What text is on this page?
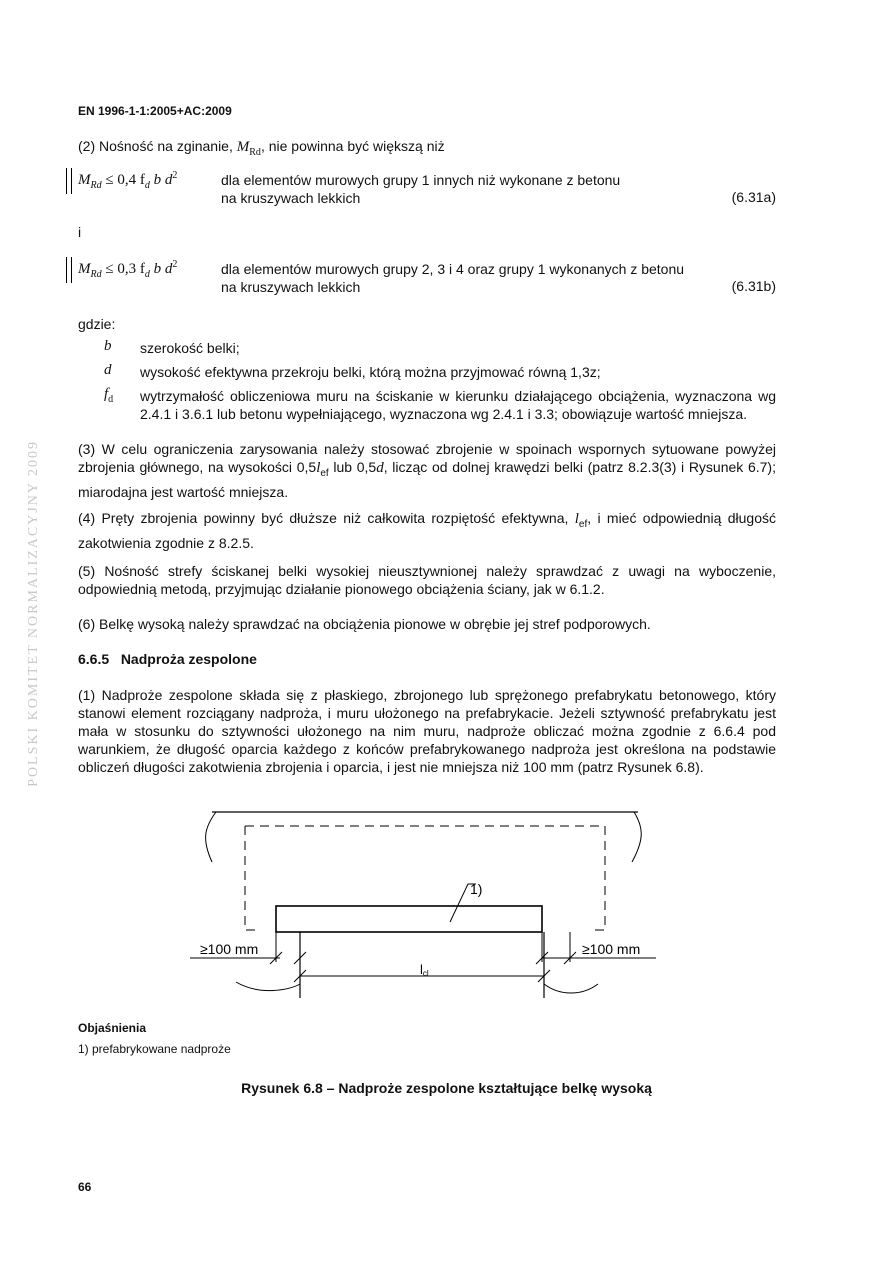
POLSKI KOMITET NORMALIZACYJNY 2009
EN 1996-1-1:2005+AC:2009
(2) Nośność na zginanie, $M_{Rd}$, nie powinna być większą niż
$M_{Rd} \le 0,4$ $f_d$ b $d^2$	dla elementów murowych grupy 1 innych niż wykonane z betonu
na kruszywach lekkich	(6.31a)
i
$M_{Rd} \le 0,3$ $f_d$ b $d^2$	dla elementów murowych grupy 2, 3 i 4 oraz grupy 1 wykonanych z betonu
na kruszywach lekkich	(6.31b)
gdzie:
b	szerokość belki;
d	wysokość efektywna przekroju belki, którą można przyjmować równą 1,3z;
$f_d$	wytrzymałość obliczeniowa muru na ściskanie w kierunku działającego obciążenia, wyznaczona wg 2.4.1 i 3.6.1 lub betonu wypełniającego, wyznaczona wg 2.4.1 i 3.3; obowiązuje wartość mniejsza.
(3) W celu ograniczenia zarysowania należy stosować zbrojenie w spoinach wspornych sytuowane powyżej zbrojenia głównego, na wysokości $0,5l_{ef}$ lub 0,5d, licząc od dolnej krawędzi belki (patrz 8.2.3(3) i Rysunek 6.7); miarodajna jest wartość mniejsza.
(4) Pręty zbrojenia powinny być dłuższe niż całkowita rozpiętość efektywna, $l_{ef}$, i mieć odpowiednią długość zakotwienia zgodnie z 8.2.5.
(5) Nośność strefy ściskanej belki wysokiej nieusztywnionej należy sprawdzać z uwagi na wyboczenie, odpowiednią metodą, przyjmując działanie pionowego obciążenia ściany, jak w 6.1.2.
(6) Belkę wysoką należy sprawdzać na obciążenia pionowe w obrębie jej stref podporowych.
6.6.5 Nadproża zespolone
(1) Nadproże zespolone składa się z płaskiego, zbrojonego lub sprężonego prefabrykatu betonowego, który stanowi element rozciągany nadproża, i muru ułożonego na prefabrykacie. Jeżeli sztywność prefabrykatu jest mała w stosunku do sztywności ułożonego na nim muru, nadproże obliczać można zgodnie z 6.6.4 pod warunkiem, że długość oparcia każdego z końców prefabrykowanego nadproża jest określona na podstawie obliczeń długości zakotwienia zbrojenia i oparcia, i jest nie mniejsza niż 100 mm (patrz Rysunek 6.8).
1)
≥100 mm	≥100 mm
lcl
Objaśnienia
1) prefabrykowane nadproże
Rysunek 6.8 – Nadproże zespolone kształtujące belkę wysoką
66
